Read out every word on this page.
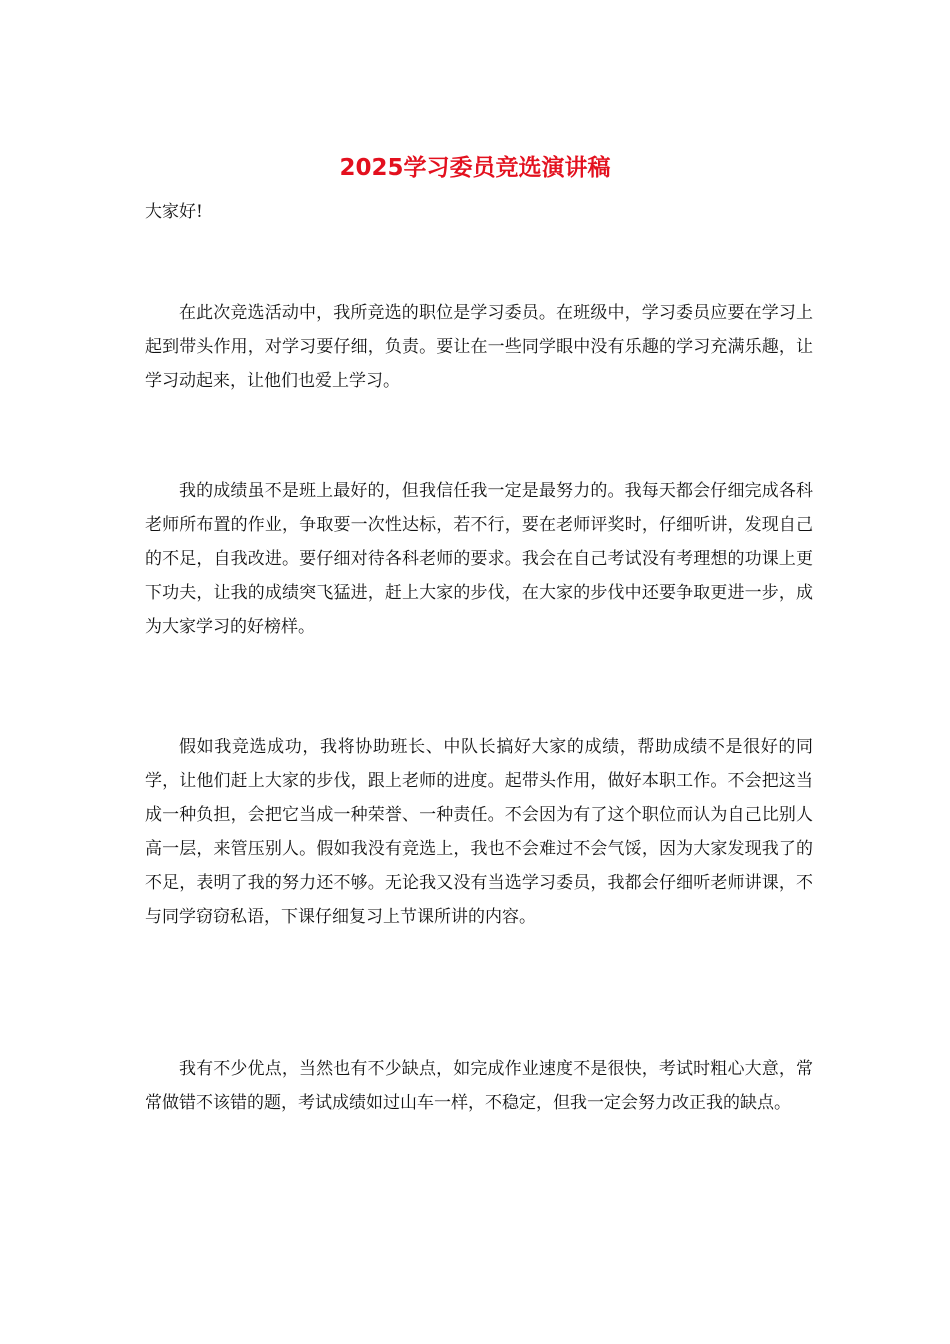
2025学习委员竞选演讲稿

大家好!

在此次竞选活动中，我所竞选的职位是学习委员。在班级中，学习委员应要在学习上起到带头作用，对学习要仔细，负责。要让在一些同学眼中没有乐趣的学习充满乐趣，让学习动起来，让他们也爱上学习。

我的成绩虽不是班上最好的，但我信任我一定是最努力的。我每天都会仔细完成各科老师所布置的作业，争取要一次性达标，若不行，要在老师评奖时，仔细听讲，发现自己的不足，自我改进。要仔细对待各科老师的要求。我会在自己考试没有考理想的功课上更下功夫，让我的成绩突飞猛进，赶上大家的步伐，在大家的步伐中还要争取更进一步，成为大家学习的好榜样。

假如我竞选成功，我将协助班长、中队长搞好大家的成绩，帮助成绩不是很好的同学，让他们赶上大家的步伐，跟上老师的进度。起带头作用，做好本职工作。不会把这当成一种负担，会把它当成一种荣誉、一种责任。不会因为有了这个职位而认为自己比别人高一层，来管压别人。假如我没有竞选上，我也不会难过不会气馁，因为大家发现我了的不足，表明了我的努力还不够。无论我又没有当选学习委员，我都会仔细听老师讲课，不与同学窃窃私语，下课仔细复习上节课所讲的内容。

我有不少优点，当然也有不少缺点，如完成作业速度不是很快，考试时粗心大意，常常做错不该错的题，考试成绩如过山车一样，不稳定，但我一定会努力改正我的缺点。
